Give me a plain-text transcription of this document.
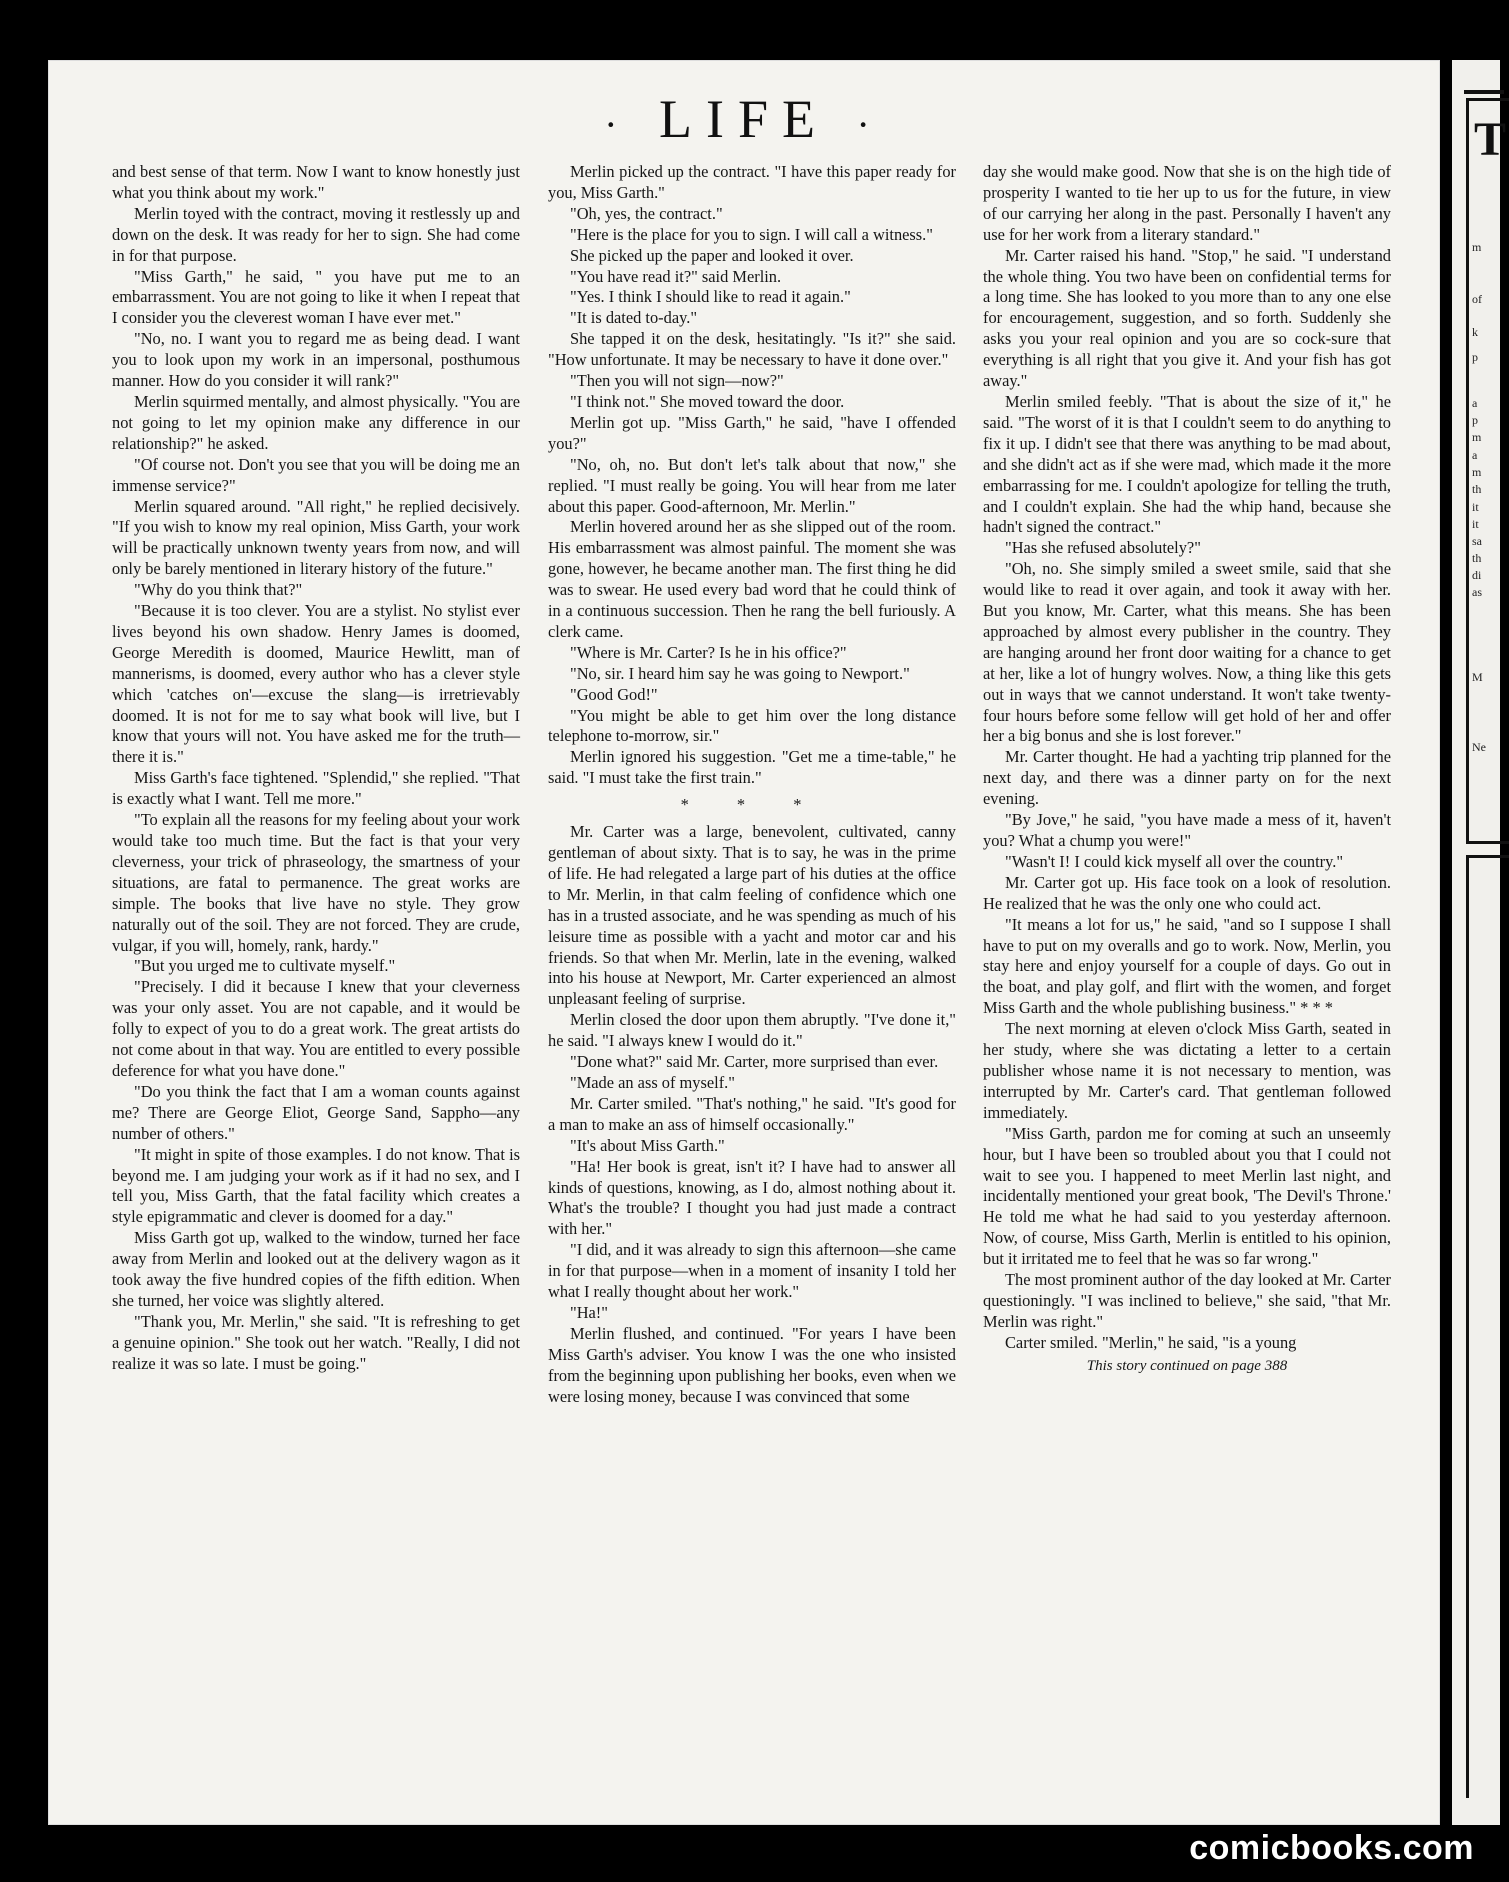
· LIFE ·

and best sense of that term. Now I want to know honestly just what you think about my work."

Merlin toyed with the contract, moving it restlessly up and down on the desk. It was ready for her to sign. She had come in for that purpose.

"Miss Garth," he said, " you have put me to an embarrassment. You are not going to like it when I repeat that I consider you the cleverest woman I have ever met."

"No, no. I want you to regard me as being dead. I want you to look upon my work in an impersonal, posthumous manner. How do you consider it will rank?"

Merlin squirmed mentally, and almost physically. "You are not going to let my opinion make any difference in our relationship?" he asked.

"Of course not. Don't you see that you will be doing me an immense service?"

Merlin squared around. "All right," he replied decisively. "If you wish to know my real opinion, Miss Garth, your work will be practically unknown twenty years from now, and will only be barely mentioned in literary history of the future."

"Why do you think that?"

"Because it is too clever. You are a stylist. No stylist ever lives beyond his own shadow. Henry James is doomed, George Meredith is doomed, Maurice Hewlitt, man of mannerisms, is doomed, every author who has a clever style which 'catches on'—excuse the slang—is irretrievably doomed. It is not for me to say what book will live, but I know that yours will not. You have asked me for the truth—there it is."

Miss Garth's face tightened. "Splendid," she replied. "That is exactly what I want. Tell me more."

"To explain all the reasons for my feeling about your work would take too much time. But the fact is that your very cleverness, your trick of phraseology, the smartness of your situations, are fatal to permanence. The great works are simple. The books that live have no style. They grow naturally out of the soil. They are not forced. They are crude, vulgar, if you will, homely, rank, hardy."

"But you urged me to cultivate myself."

"Precisely. I did it because I knew that your cleverness was your only asset. You are not capable, and it would be folly to expect of you to do a great work. The great artists do not come about in that way. You are entitled to every possible deference for what you have done."

"Do you think the fact that I am a woman counts against me? There are George Eliot, George Sand, Sappho—any number of others."

"It might in spite of those examples. I do not know. That is beyond me. I am judging your work as if it had no sex, and I tell you, Miss Garth, that the fatal facility which creates a style epigrammatic and clever is doomed for a day."

Miss Garth got up, walked to the window, turned her face away from Merlin and looked out at the delivery wagon as it took away the five hundred copies of the fifth edition. When she turned, her voice was slightly altered.

"Thank you, Mr. Merlin," she said. "It is refreshing to get a genuine opinion." She took out her watch. "Really, I did not realize it was so late. I must be going."

Merlin picked up the contract. "I have this paper ready for you, Miss Garth."

"Oh, yes, the contract."

"Here is the place for you to sign. I will call a witness."

She picked up the paper and looked it over.

"You have read it?" said Merlin.

"Yes. I think I should like to read it again."

"It is dated to-day."

She tapped it on the desk, hesitatingly. "Is it?" she said. "How unfortunate. It may be necessary to have it done over."

"Then you will not sign—now?"

"I think not." She moved toward the door.

Merlin got up. "Miss Garth," he said, "have I offended you?"

"No, oh, no. But don't let's talk about that now," she replied. "I must really be going. You will hear from me later about this paper. Good-afternoon, Mr. Merlin."

Merlin hovered around her as she slipped out of the room. His embarrassment was almost painful. The moment she was gone, however, he became another man. The first thing he did was to swear. He used every bad word that he could think of in a continuous succession. Then he rang the bell furiously. A clerk came.

"Where is Mr. Carter? Is he in his office?"

"No, sir. I heard him say he was going to Newport."

"Good God!"

"You might be able to get him over the long distance telephone to-morrow, sir."

Merlin ignored his suggestion. "Get me a time-table," he said. "I must take the first train."

* * *

Mr. Carter was a large, benevolent, cultivated, canny gentleman of about sixty. That is to say, he was in the prime of life. He had relegated a large part of his duties at the office to Mr. Merlin, in that calm feeling of confidence which one has in a trusted associate, and he was spending as much of his leisure time as possible with a yacht and motor car and his friends. So that when Mr. Merlin, late in the evening, walked into his house at Newport, Mr. Carter experienced an almost unpleasant feeling of surprise.

Merlin closed the door upon them abruptly. "I've done it," he said. "I always knew I would do it."

"Done what?" said Mr. Carter, more surprised than ever.

"Made an ass of myself."

Mr. Carter smiled. "That's nothing," he said. "It's good for a man to make an ass of himself occasionally."

"It's about Miss Garth."

"Ha! Her book is great, isn't it? I have had to answer all kinds of questions, knowing, as I do, almost nothing about it. What's the trouble? I thought you had just made a contract with her."

"I did, and it was already to sign this afternoon—she came in for that purpose—when in a moment of insanity I told her what I really thought about her work."

"Ha!"

Merlin flushed, and continued. "For years I have been Miss Garth's adviser. You know I was the one who insisted from the beginning upon publishing her books, even when we were losing money, because I was convinced that some

day she would make good. Now that she is on the high tide of prosperity I wanted to tie her up to us for the future, in view of our carrying her along in the past. Personally I haven't any use for her work from a literary standard."

Mr. Carter raised his hand. "Stop," he said. "I understand the whole thing. You two have been on confidential terms for a long time. She has looked to you more than to any one else for encouragement, suggestion, and so forth. Suddenly she asks you your real opinion and you are so cock-sure that everything is all right that you give it. And your fish has got away."

Merlin smiled feebly. "That is about the size of it," he said. "The worst of it is that I couldn't seem to do anything to fix it up. I didn't see that there was anything to be mad about, and she didn't act as if she were mad, which made it the more embarrassing for me. I couldn't apologize for telling the truth, and I couldn't explain. She had the whip hand, because she hadn't signed the contract."

"Has she refused absolutely?"

"Oh, no. She simply smiled a sweet smile, said that she would like to read it over again, and took it away with her. But you know, Mr. Carter, what this means. She has been approached by almost every publisher in the country. They are hanging around her front door waiting for a chance to get at her, like a lot of hungry wolves. Now, a thing like this gets out in ways that we cannot understand. It won't take twenty-four hours before some fellow will get hold of her and offer her a big bonus and she is lost forever."

Mr. Carter thought. He had a yachting trip planned for the next day, and there was a dinner party on for the next evening.

"By Jove," he said, "you have made a mess of it, haven't you? What a chump you were!"

"Wasn't I! I could kick myself all over the country."

Mr. Carter got up. His face took on a look of resolution. He realized that he was the only one who could act.

"It means a lot for us," he said, "and so I suppose I shall have to put on my overalls and go to work. Now, Merlin, you stay here and enjoy yourself for a couple of days. Go out in the boat, and play golf, and flirt with the women, and forget Miss Garth and the whole publishing business." * * *

The next morning at eleven o'clock Miss Garth, seated in her study, where she was dictating a letter to a certain publisher whose name it is not necessary to mention, was interrupted by Mr. Carter's card. That gentleman followed immediately.

"Miss Garth, pardon me for coming at such an unseemly hour, but I have been so troubled about you that I could not wait to see you. I happened to meet Merlin last night, and incidentally mentioned your great book, 'The Devil's Throne.' He told me what he had said to you yesterday afternoon. Now, of course, Miss Garth, Merlin is entitled to his opinion, but it irritated me to feel that he was so far wrong."

The most prominent author of the day looked at Mr. Carter questioningly. "I was inclined to believe," she said, "that Mr. Merlin was right."

Carter smiled. "Merlin," he said, "is a young

This story continued on page 388

T
m
of
k
p
a
p
m
a
m
th
it
it
sa
th
di
as
M
Ne
comicbooks.com
